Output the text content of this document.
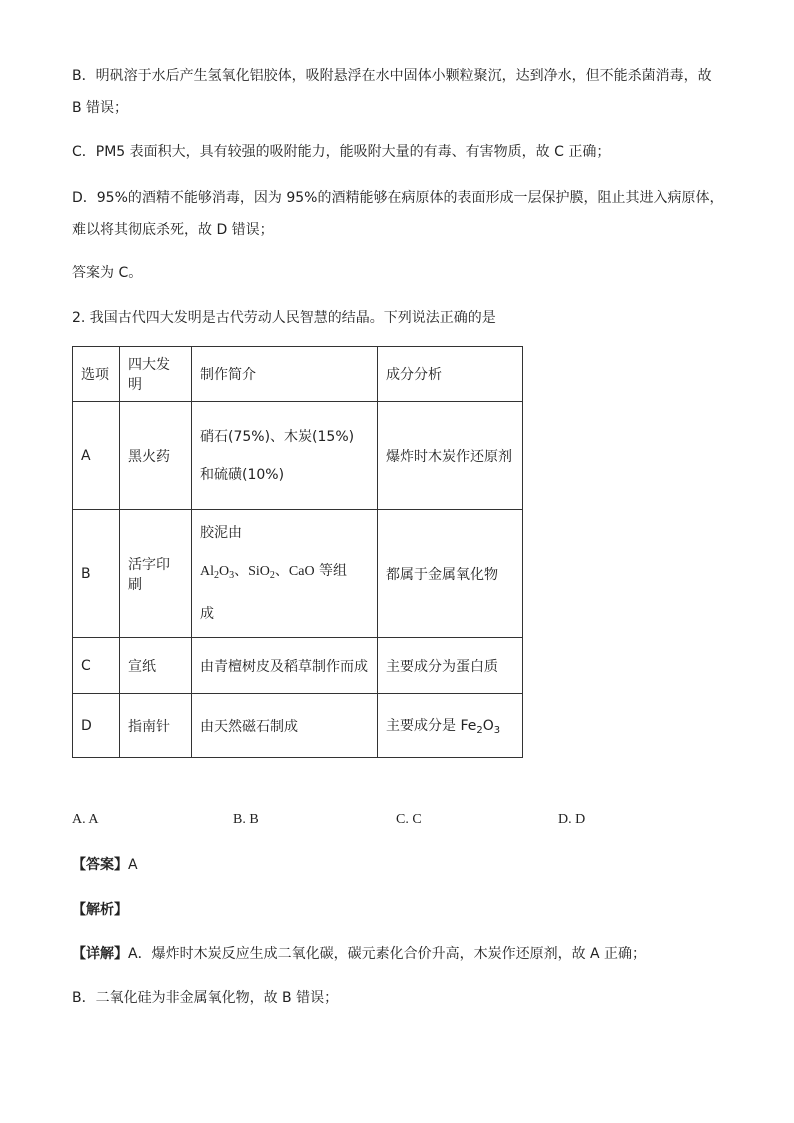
B．明矾溶于水后产生氢氧化铝胶体，吸附悬浮在水中固体小颗粒聚沉，达到净水，但不能杀菌消毒，故
B 错误；
C．PM5 表面积大，具有较强的吸附能力，能吸附大量的有毒、有害物质，故 C 正确；
D．95%的酒精不能够消毒，因为 95%的酒精能够在病原体的表面形成一层保护膜，阻止其进入病原体，
难以将其彻底杀死，故 D 错误；
答案为 C。
2. 我国古代四大发明是古代劳动人民智慧的结晶。下列说法正确的是
选项	四大发明	制作简介	成分分析
A	黑火药	硝石(75%)、木炭(15%)
和硫磺(10%)	爆炸时木炭作还原剂
B	活字印刷	胶泥由
$Al_2O_3$、SiO$_2$、CaO 等组
成	都属于金属氧化物
C	宣纸	由青檀树皮及稻草制作而成	主要成分为蛋白质
D	指南针	由天然磁石制成	主要成分是 $Fe_2O_3$
A. A	B. B	C. C	D. D
【答案】A
【解析】
【详解】A．爆炸时木炭反应生成二氧化碳，碳元素化合价升高，木炭作还原剂，故 A 正确；
B．二氧化硅为非金属氧化物，故 B 错误；
